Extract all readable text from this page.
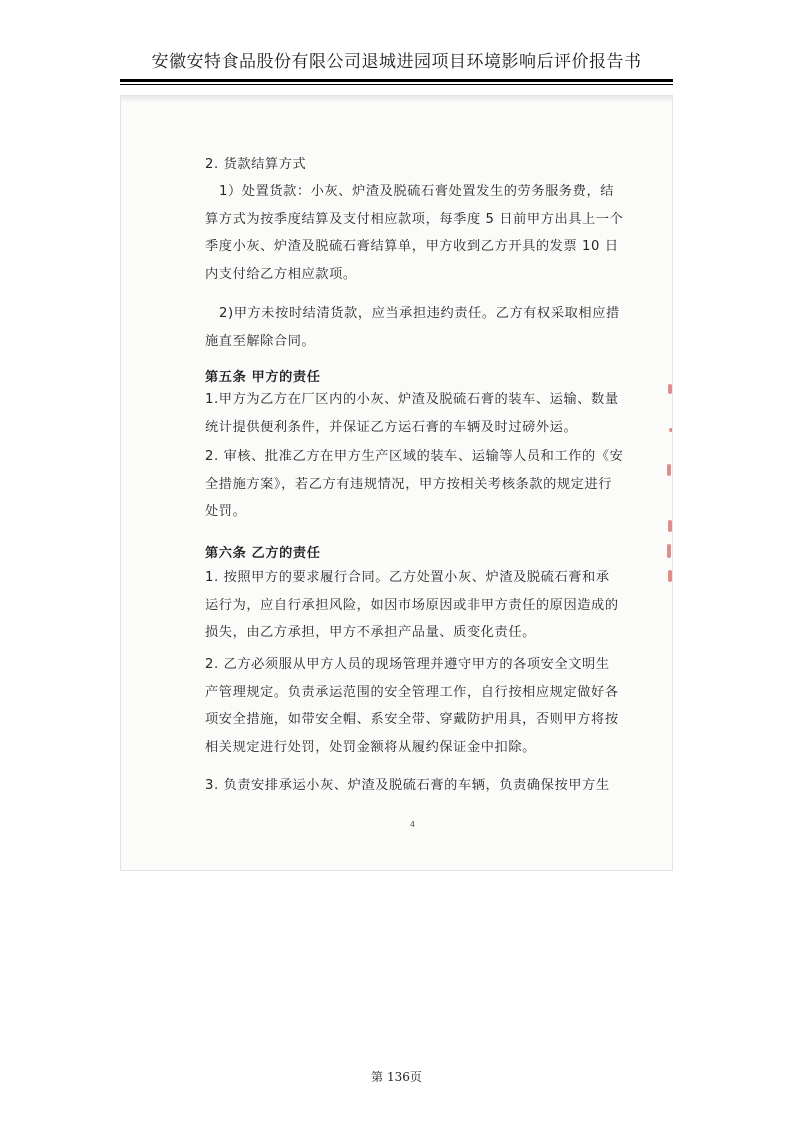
安徽安特食品股份有限公司退城进园项目环境影响后评价报告书

2. 货款结算方式

1）处置货款：小灰、炉渣及脱硫石膏处置发生的劳务服务费，结
算方式为按季度结算及支付相应款项，每季度 5 日前甲方出具上一个
季度小灰、炉渣及脱硫石膏结算单，甲方收到乙方开具的发票 10 日
内支付给乙方相应款项。

2)甲方未按时结清货款，应当承担违约责任。乙方有权采取相应措
施直至解除合同。

第五条 甲方的责任

1.甲方为乙方在厂区内的小灰、炉渣及脱硫石膏的装车、运输、数量
统计提供便利条件，并保证乙方运石膏的车辆及时过磅外运。

2. 审核、批准乙方在甲方生产区域的装车、运输等人员和工作的《安
全措施方案》，若乙方有违规情况，甲方按相关考核条款的规定进行
处罚。

第六条 乙方的责任

1. 按照甲方的要求履行合同。乙方处置小灰、炉渣及脱硫石膏和承
运行为，应自行承担风险，如因市场原因或非甲方责任的原因造成的
损失，由乙方承担，甲方不承担产品量、质变化责任。

2. 乙方必须服从甲方人员的现场管理并遵守甲方的各项安全文明生
产管理规定。负责承运范围的安全管理工作，自行按相应规定做好各
项安全措施，如带安全帽、系安全带、穿戴防护用具，否则甲方将按
相关规定进行处罚，处罚金额将从履约保证金中扣除。

3. 负责安排承运小灰、炉渣及脱硫石膏的车辆，负责确保按甲方生

4
第 136页
